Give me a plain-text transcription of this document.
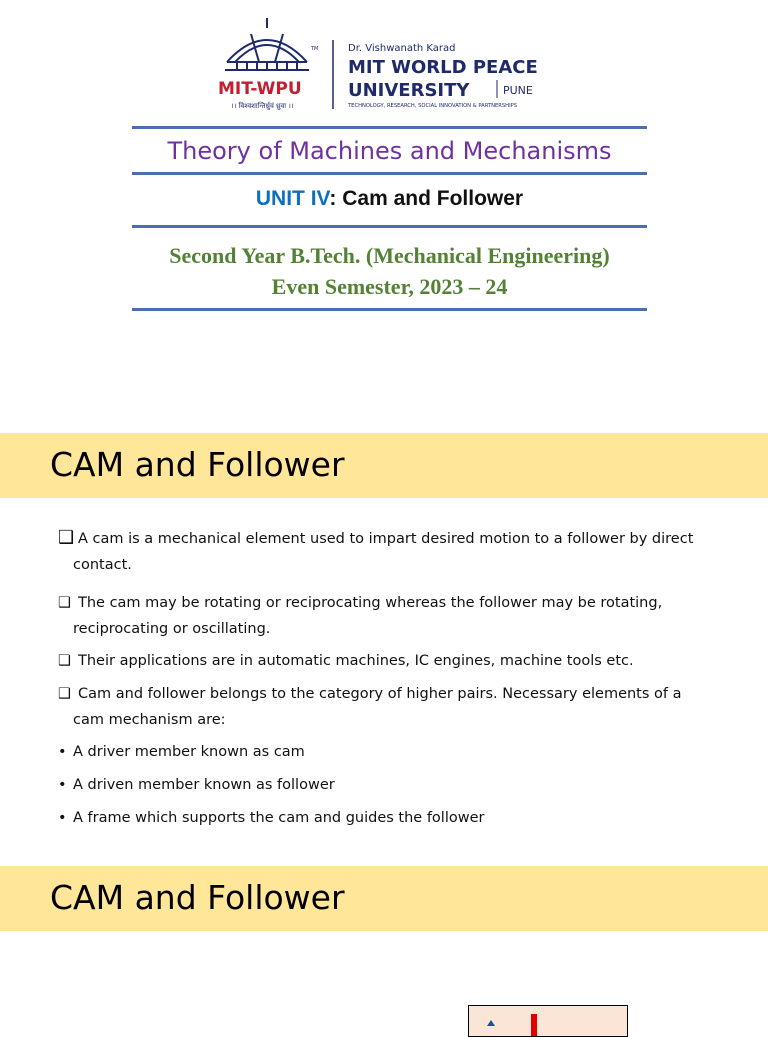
MIT-WPU
TM
।। विश्वशान्तिर्ध्रुवं ध्रुवा ।।
Dr. Vishwanath Karad
MIT WORLD PEACE
UNIVERSITY	PUNE
TECHNOLOGY, RESEARCH, SOCIAL INNOVATION & PARTNERSHIPS
Theory of Machines and Mechanisms
UNIT IV: Cam and Follower
Second Year B.Tech. (Mechanical Engineering)
Even Semester, 2023 – 24
CAM and Follower
❑ A cam is a mechanical element used to impart desired motion to a follower by direct
contact.
❑ The cam may be rotating or reciprocating whereas the follower may be rotating,
reciprocating or oscillating.
❑ Their applications are in automatic machines, IC engines, machine tools etc.
❑ Cam and follower belongs to the category of higher pairs. Necessary elements of a
cam mechanism are:
• A driver member known as cam
• A driven member known as follower
• A frame which supports the cam and guides the follower
CAM and Follower
